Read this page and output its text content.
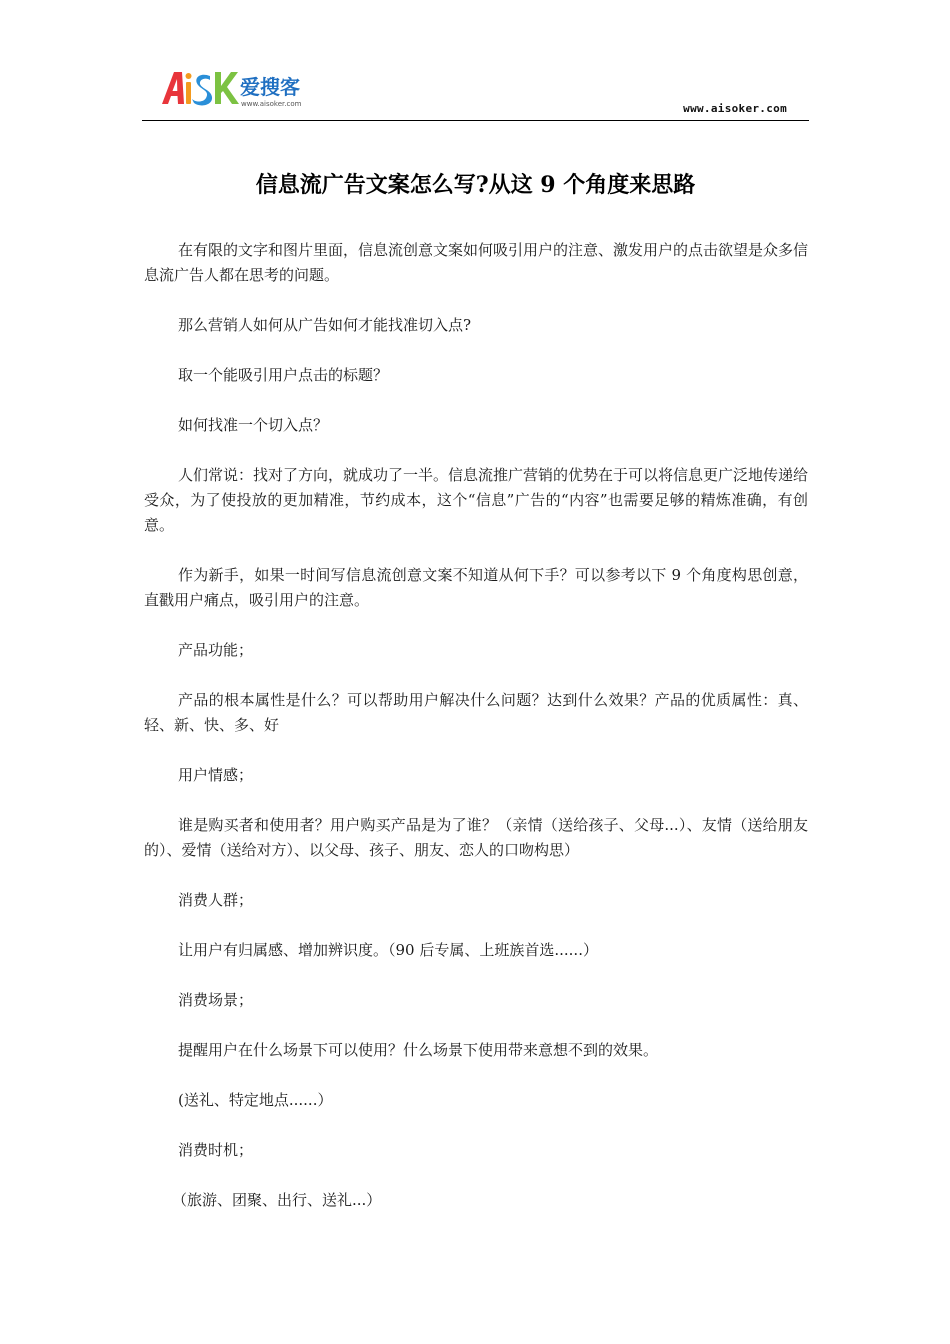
爱搜客
www.aisoker.com	www.aisoker.com
信息流广告文案怎么写?从这 9 个角度来思路

在有限的文字和图片里面，信息流创意文案如何吸引用户的注意、激发用户的点击欲望是众多信息流广告人都在思考的问题。

那么营销人如何从广告如何才能找准切入点?

取一个能吸引用户点击的标题？

如何找准一个切入点？

人们常说：找对了方向，就成功了一半。信息流推广营销的优势在于可以将信息更广泛地传递给受众，为了使投放的更加精准，节约成本，这个“信息”广告的“内容”也需要足够的精炼准确，有创意。

作为新手，如果一时间写信息流创意文案不知道从何下手？可以参考以下 9 个角度构思创意，直戳用户痛点，吸引用户的注意。

产品功能；

产品的根本属性是什么？可以帮助用户解决什么问题？达到什么效果？产品的优质属性：真、轻、新、快、多、好

用户情感；

谁是购买者和使用者？用户购买产品是为了谁？（亲情（送给孩子、父母...）、友情（送给朋友的）、爱情（送给对方）、以父母、孩子、朋友、恋人的口吻构思）

消费人群；

让用户有归属感、增加辨识度。（90 后专属、上班族首选......）

消费场景；

提醒用户在什么场景下可以使用？什么场景下使用带来意想不到的效果。

(送礼、特定地点......）

消费时机；

（旅游、团聚、出行、送礼...）
